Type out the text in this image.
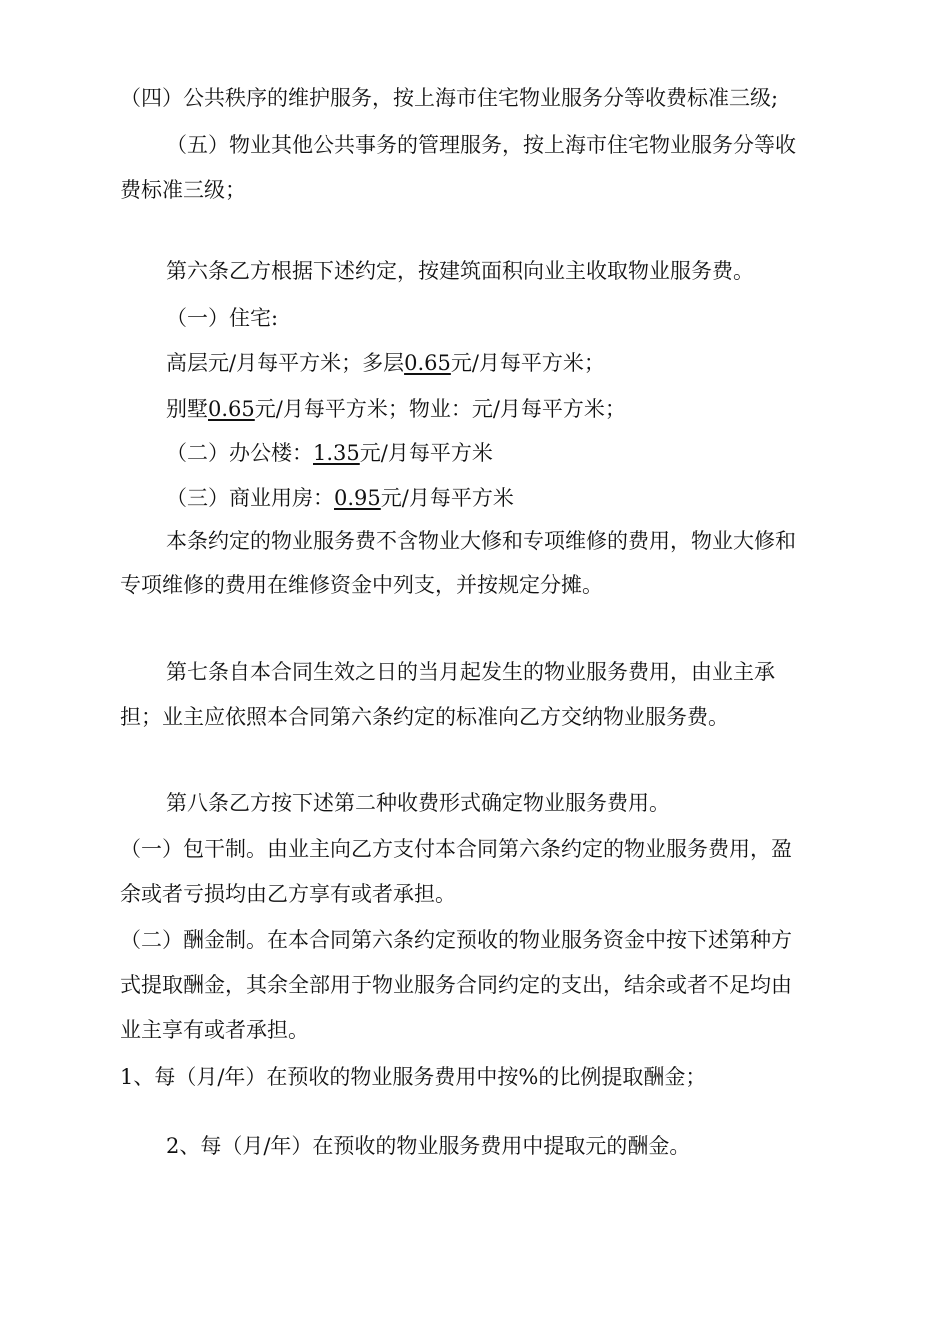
（四）公共秩序的维护服务，按上海市住宅物业服务分等收费标准三级;
（五）物业其他公共事务的管理服务，按上海市住宅物业服务分等收
费标准三级；
第六条乙方根据下述约定，按建筑面积向业主收取物业服务费。
（一）住宅:
高层元/月每平方米；多层0.65元/月每平方米；
别墅0.65元/月每平方米；物业：元/月每平方米；
（二）办公楼：1.35元/月每平方米
（三）商业用房：0.95元/月每平方米
本条约定的物业服务费不含物业大修和专项维修的费用，物业大修和
专项维修的费用在维修资金中列支，并按规定分摊。
第七条自本合同生效之日的当月起发生的物业服务费用，由业主承
担；业主应依照本合同第六条约定的标准向乙方交纳物业服务费。
第八条乙方按下述第二种收费形式确定物业服务费用。
（一）包干制。由业主向乙方支付本合同第六条约定的物业服务费用，盈
余或者亏损均由乙方享有或者承担。
（二）酬金制。在本合同第六条约定预收的物业服务资金中按下述第种方
式提取酬金，其余全部用于物业服务合同约定的支出，结余或者不足均由
业主享有或者承担。
1、每（月/年）在预收的物业服务费用中按%的比例提取酬金；
2、每（月/年）在预收的物业服务费用中提取元的酬金。
